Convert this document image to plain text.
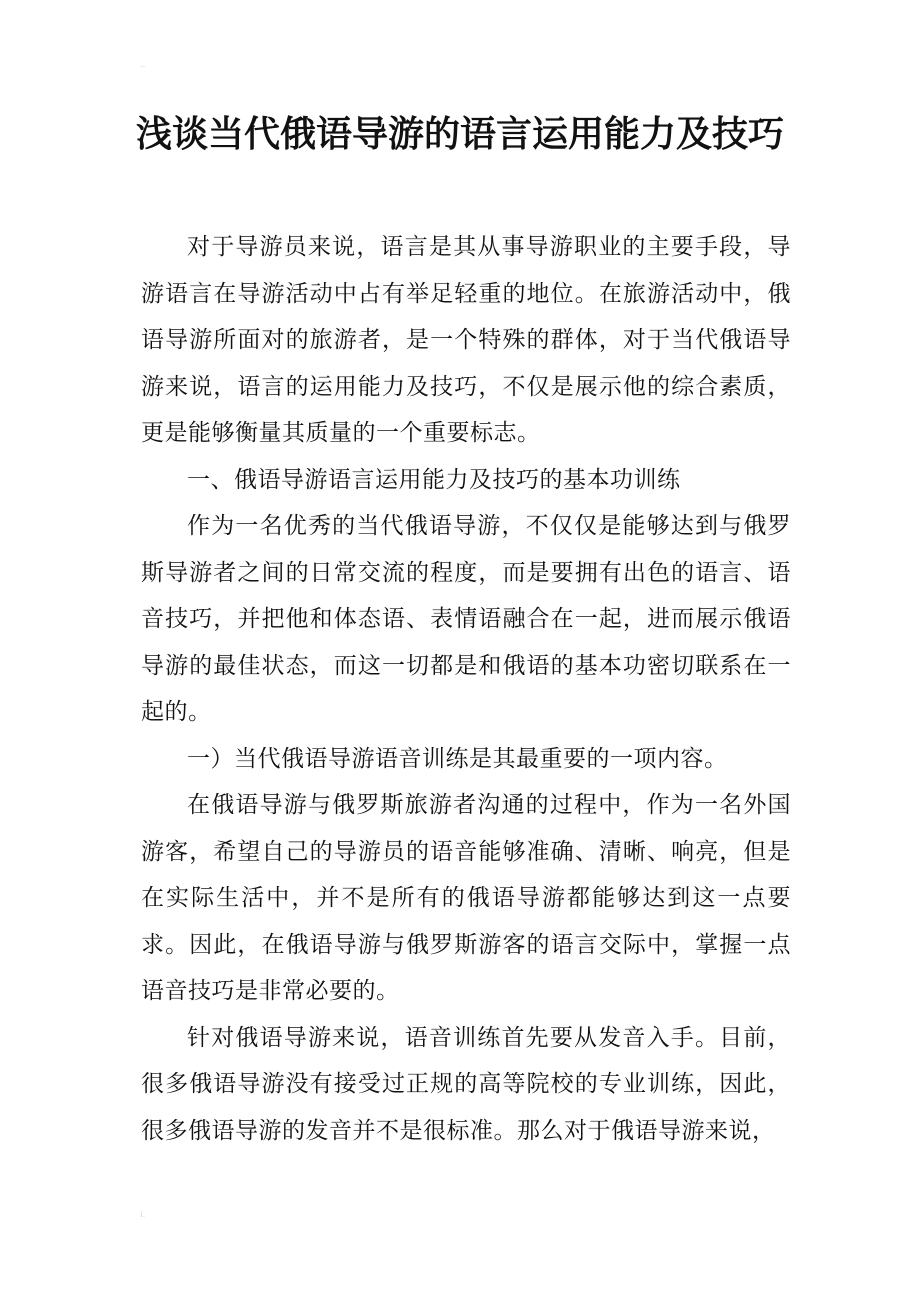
⌐
L
浅谈当代俄语导游的语言运用能力及技巧

对于导游员来说，语言是其从事导游职业的主要手段，导游语言在导游活动中占有举足轻重的地位。在旅游活动中，俄语导游所面对的旅游者，是一个特殊的群体，对于当代俄语导游来说，语言的运用能力及技巧，不仅是展示他的综合素质，更是能够衡量其质量的一个重要标志。

一、俄语导游语言运用能力及技巧的基本功训练

作为一名优秀的当代俄语导游，不仅仅是能够达到与俄罗斯导游者之间的日常交流的程度，而是要拥有出色的语言、语音技巧，并把他和体态语、表情语融合在一起，进而展示俄语导游的最佳状态，而这一切都是和俄语的基本功密切联系在一起的。

一）当代俄语导游语音训练是其最重要的一项内容。

在俄语导游与俄罗斯旅游者沟通的过程中，作为一名外国游客，希望自己的导游员的语音能够准确、清晰、响亮，但是在实际生活中，并不是所有的俄语导游都能够达到这一点要求。因此，在俄语导游与俄罗斯游客的语言交际中，掌握一点语音技巧是非常必要的。

针对俄语导游来说，语音训练首先要从发音入手。目前，很多俄语导游没有接受过正规的高等院校的专业训练，因此，很多俄语导游的发音并不是很标准。那么对于俄语导游来说，
